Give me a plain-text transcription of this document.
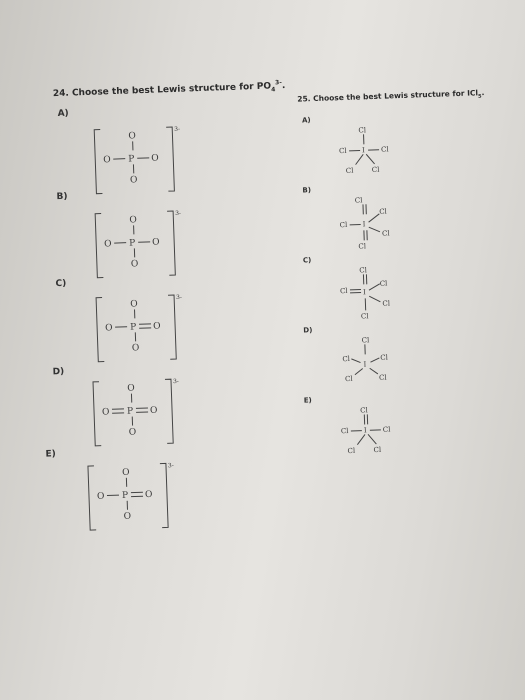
24. Choose the best Lewis structure for $PO_4^{3-}$.
A)
B)
C)
D)
E)
3-
O
O P O
O
3-
O
O P O
O
3-
O
O P O
O
3-
O
O P O
O
3-
O
O P O
O
25. Choose the best Lewis structure for ICl$_5$.
A)
B)
C)
D)
E)
Cl
Cl I Cl
Cl	Cl
Cl
Cl
Cl I
Cl
Cl
Cl
Cl I
Cl
Cl
Cl
Cl
Cl	Cl
I
Cl	Cl
Cl
Cl I Cl
Cl	Cl
